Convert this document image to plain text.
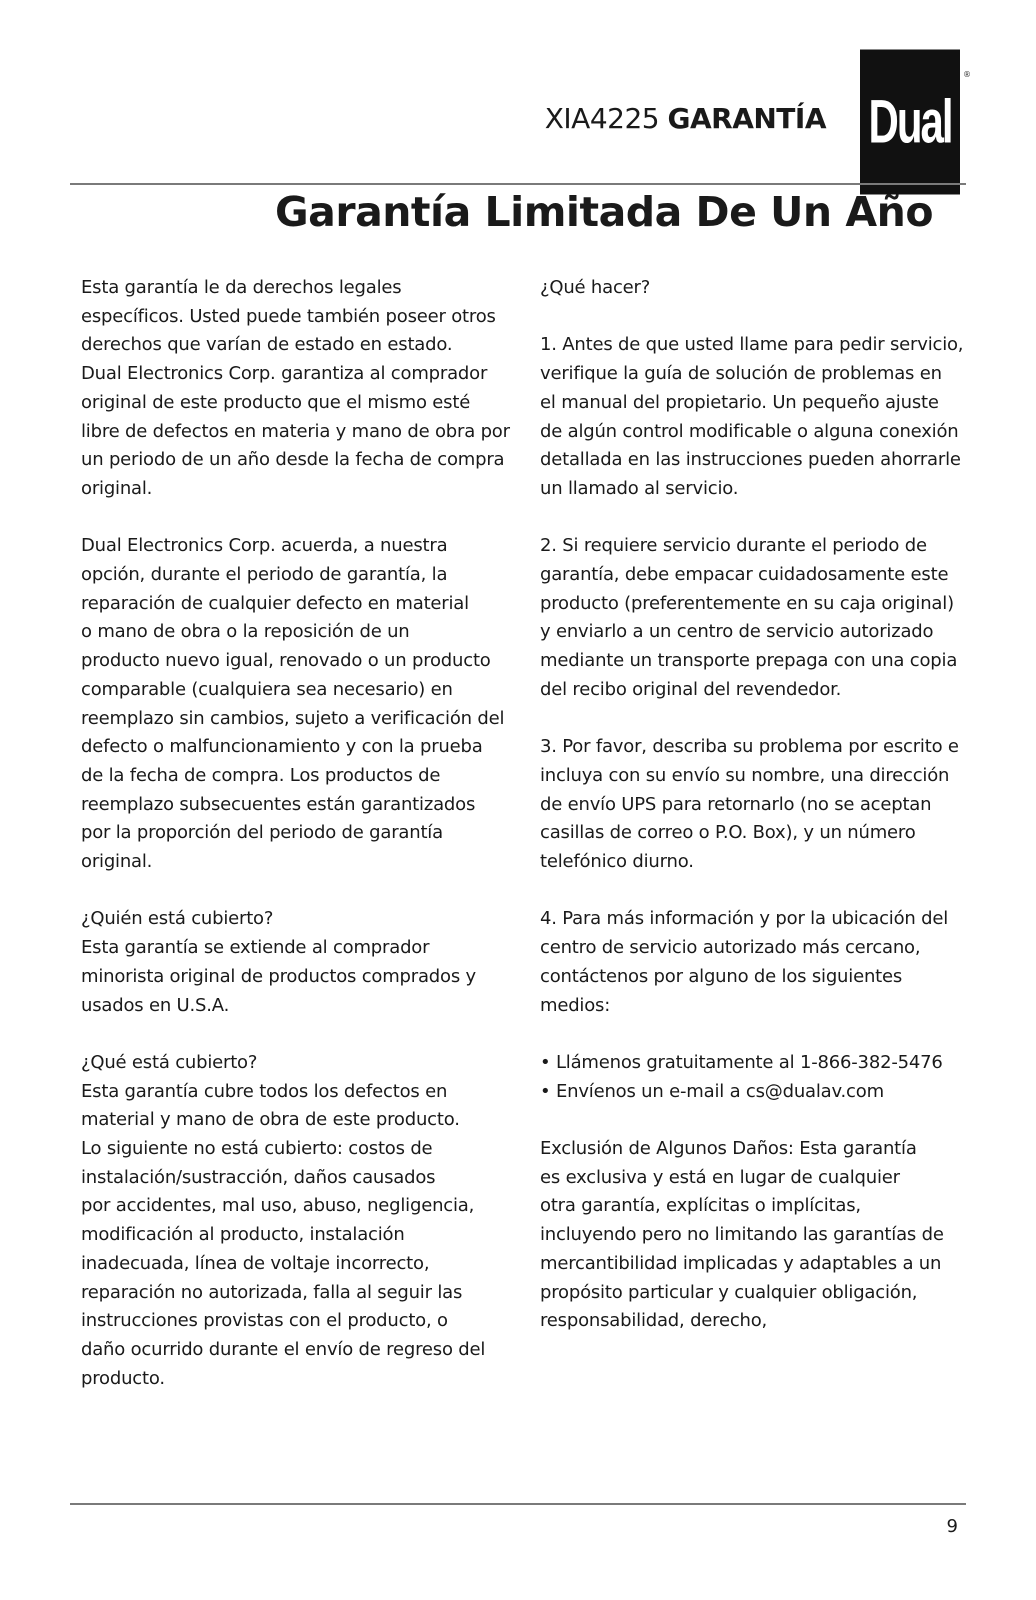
XIA4225 GARANTÍA Dual
®
Garantía Limitada De Un Año

Esta garantía le da derechos legales
específicos. Usted puede también poseer otros
derechos que varían de estado en estado.
Dual Electronics Corp. garantiza al comprador
original de este producto que el mismo esté
libre de defectos en materia y mano de obra por
un periodo de un año desde la fecha de compra
original.

Dual Electronics Corp. acuerda, a nuestra
opción, durante el periodo de garantía, la
reparación de cualquier defecto en material
o mano de obra o la reposición de un
producto nuevo igual, renovado o un producto
comparable (cualquiera sea necesario) en
reemplazo sin cambios, sujeto a verificación del
defecto o malfuncionamiento y con la prueba
de la fecha de compra. Los productos de
reemplazo subsecuentes están garantizados
por la proporción del periodo de garantía
original.

¿Quién está cubierto?
Esta garantía se extiende al comprador
minorista original de productos comprados y
usados en U.S.A.

¿Qué está cubierto?
Esta garantía cubre todos los defectos en
material y mano de obra de este producto.
Lo siguiente no está cubierto: costos de
instalación/sustracción, daños causados
por accidentes, mal uso, abuso, negligencia,
modificación al producto, instalación
inadecuada, línea de voltaje incorrecto,
reparación no autorizada, falla al seguir las
instrucciones provistas con el producto, o
daño ocurrido durante el envío de regreso del
producto.

¿Qué hacer?

1. Antes de que usted llame para pedir servicio,
verifique la guía de solución de problemas en
el manual del propietario. Un pequeño ajuste
de algún control modificable o alguna conexión
detallada en las instrucciones pueden ahorrarle
un llamado al servicio.

2. Si requiere servicio durante el periodo de
garantía, debe empacar cuidadosamente este
producto (preferentemente en su caja original)
y enviarlo a un centro de servicio autorizado
mediante un transporte prepaga con una copia
del recibo original del revendedor.

3. Por favor, describa su problema por escrito e
incluya con su envío su nombre, una dirección
de envío UPS para retornarlo (no se aceptan
casillas de correo o P.O. Box), y un número
telefónico diurno.

4. Para más información y por la ubicación del
centro de servicio autorizado más cercano,
contáctenos por alguno de los siguientes
medios:

• Llámenos gratuitamente al 1-866-382-5476
• Envíenos un e-mail a cs@dualav.com

Exclusión de Algunos Daños: Esta garantía
es exclusiva y está en lugar de cualquier
otra garantía, explícitas o implícitas,
incluyendo pero no limitando las garantías de
mercantibilidad implicadas y adaptables a un
propósito particular y cualquier obligación,
responsabilidad, derecho,

9
